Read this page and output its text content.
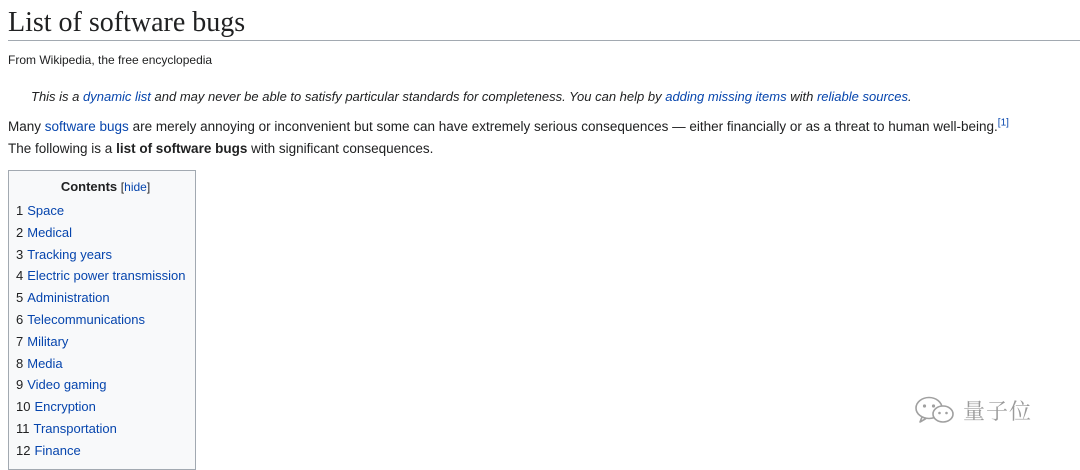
List of software bugs
From Wikipedia, the free encyclopedia
This is a dynamic list and may never be able to satisfy particular standards for completeness. You can help by adding missing items with reliable sources.
Many software bugs are merely annoying or inconvenient but some can have extremely serious consequences — either financially or as a threat to human well-being.[1]
The following is a list of software bugs with significant consequences.
Contents [hide]
1 Space
2 Medical
3 Tracking years
4 Electric power transmission
5 Administration
6 Telecommunications
7 Military
8 Media
9 Video gaming
10 Encryption
11 Transportation
12 Finance
量子位
